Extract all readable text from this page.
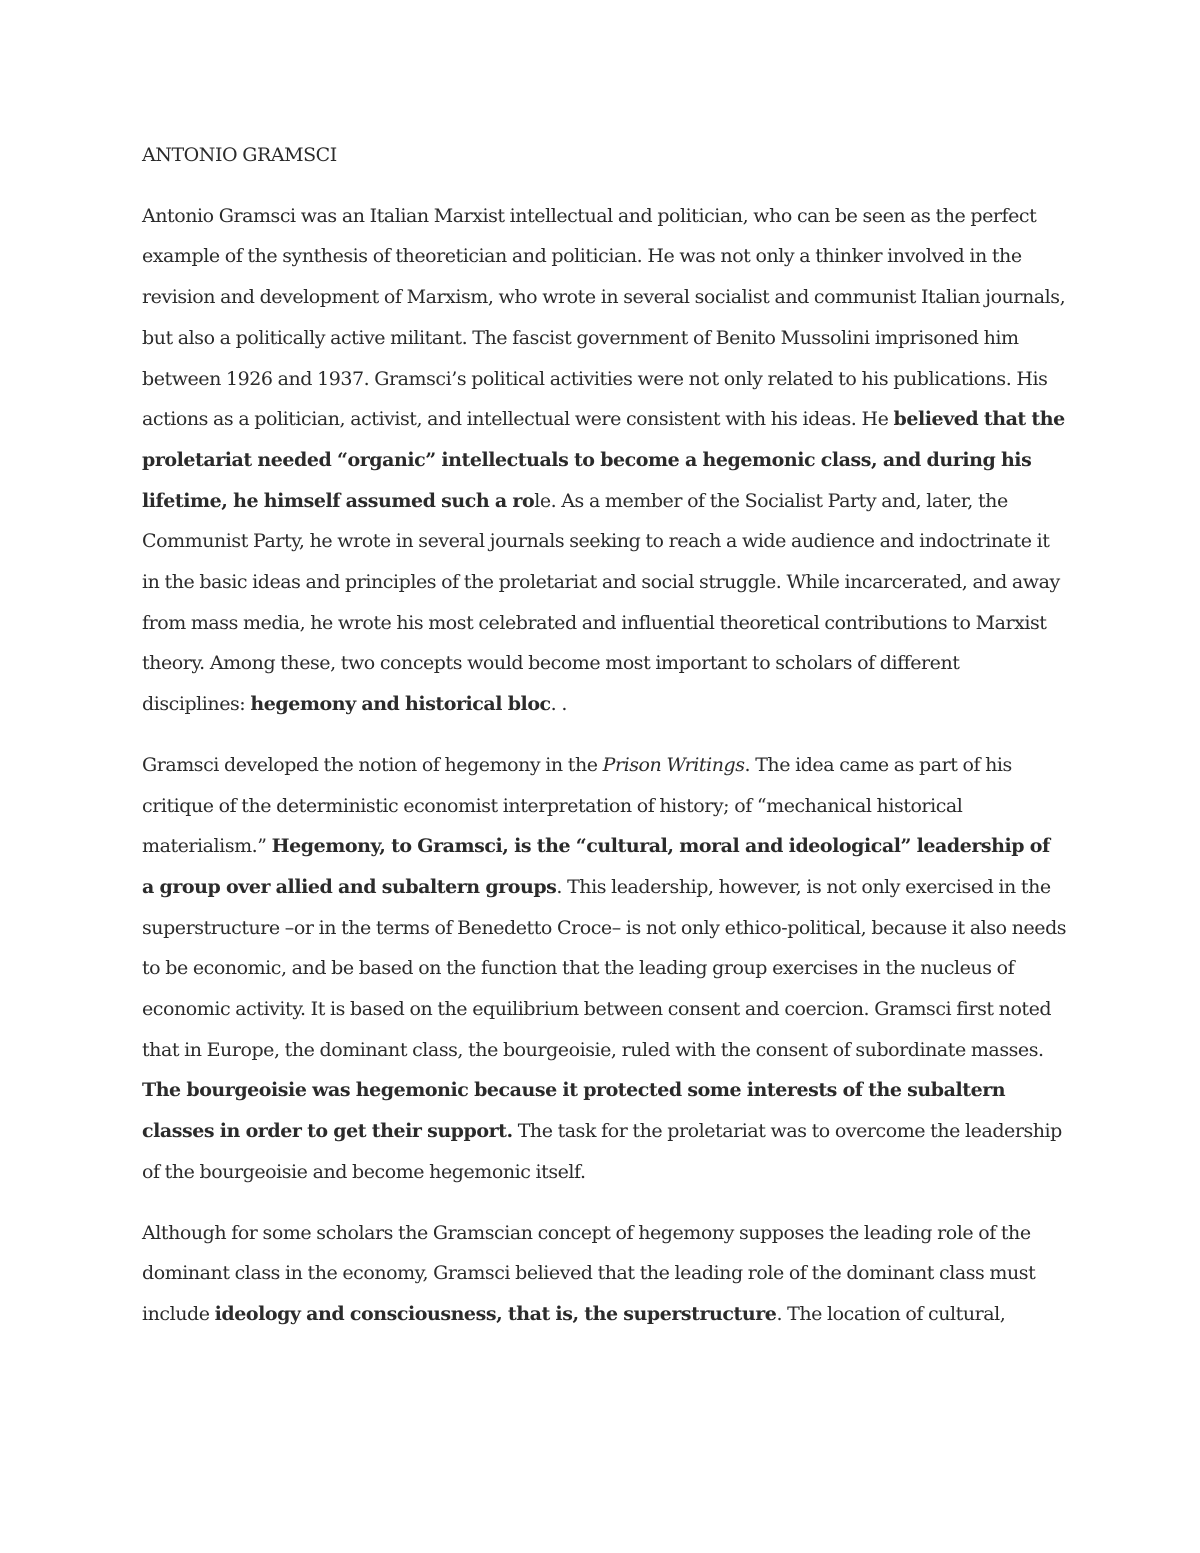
ANTONIO GRAMSCI

Antonio Gramsci was an Italian Marxist intellectual and politician, who can be seen as the perfect example of the synthesis of theoretician and politician. He was not only a thinker involved in the revision and development of Marxism, who wrote in several socialist and communist Italian journals, but also a politically active militant. The fascist government of Benito Mussolini imprisoned him between 1926 and 1937. Gramsci’s political activities were not only related to his publications. His actions as a politician, activist, and intellectual were consistent with his ideas. He believed that the proletariat needed “organic” intellectuals to become a hegemonic class, and during his lifetime, he himself assumed such a role. As a member of the Socialist Party and, later, the Communist Party, he wrote in several journals seeking to reach a wide audience and indoctrinate it in the basic ideas and principles of the proletariat and social struggle. While incarcerated, and away from mass media, he wrote his most celebrated and influential theoretical contributions to Marxist theory. Among these, two concepts would become most important to scholars of different disciplines: hegemony and historical bloc. .

Gramsci developed the notion of hegemony in the Prison Writings. The idea came as part of his critique of the deterministic economist interpretation of history; of “mechanical historical materialism.” Hegemony, to Gramsci, is the “cultural, moral and ideological” leadership of a group over allied and subaltern groups. This leadership, however, is not only exercised in the superstructure –or in the terms of Benedetto Croce– is not only ethico-political, because it also needs to be economic, and be based on the function that the leading group exercises in the nucleus of economic activity. It is based on the equilibrium between consent and coercion. Gramsci first noted that in Europe, the dominant class, the bourgeoisie, ruled with the consent of subordinate masses. The bourgeoisie was hegemonic because it protected some interests of the subaltern classes in order to get their support. The task for the proletariat was to overcome the leadership of the bourgeoisie and become hegemonic itself.

Although for some scholars the Gramscian concept of hegemony supposes the leading role of the dominant class in the economy, Gramsci believed that the leading role of the dominant class must include ideology and consciousness, that is, the superstructure. The location of cultural,
